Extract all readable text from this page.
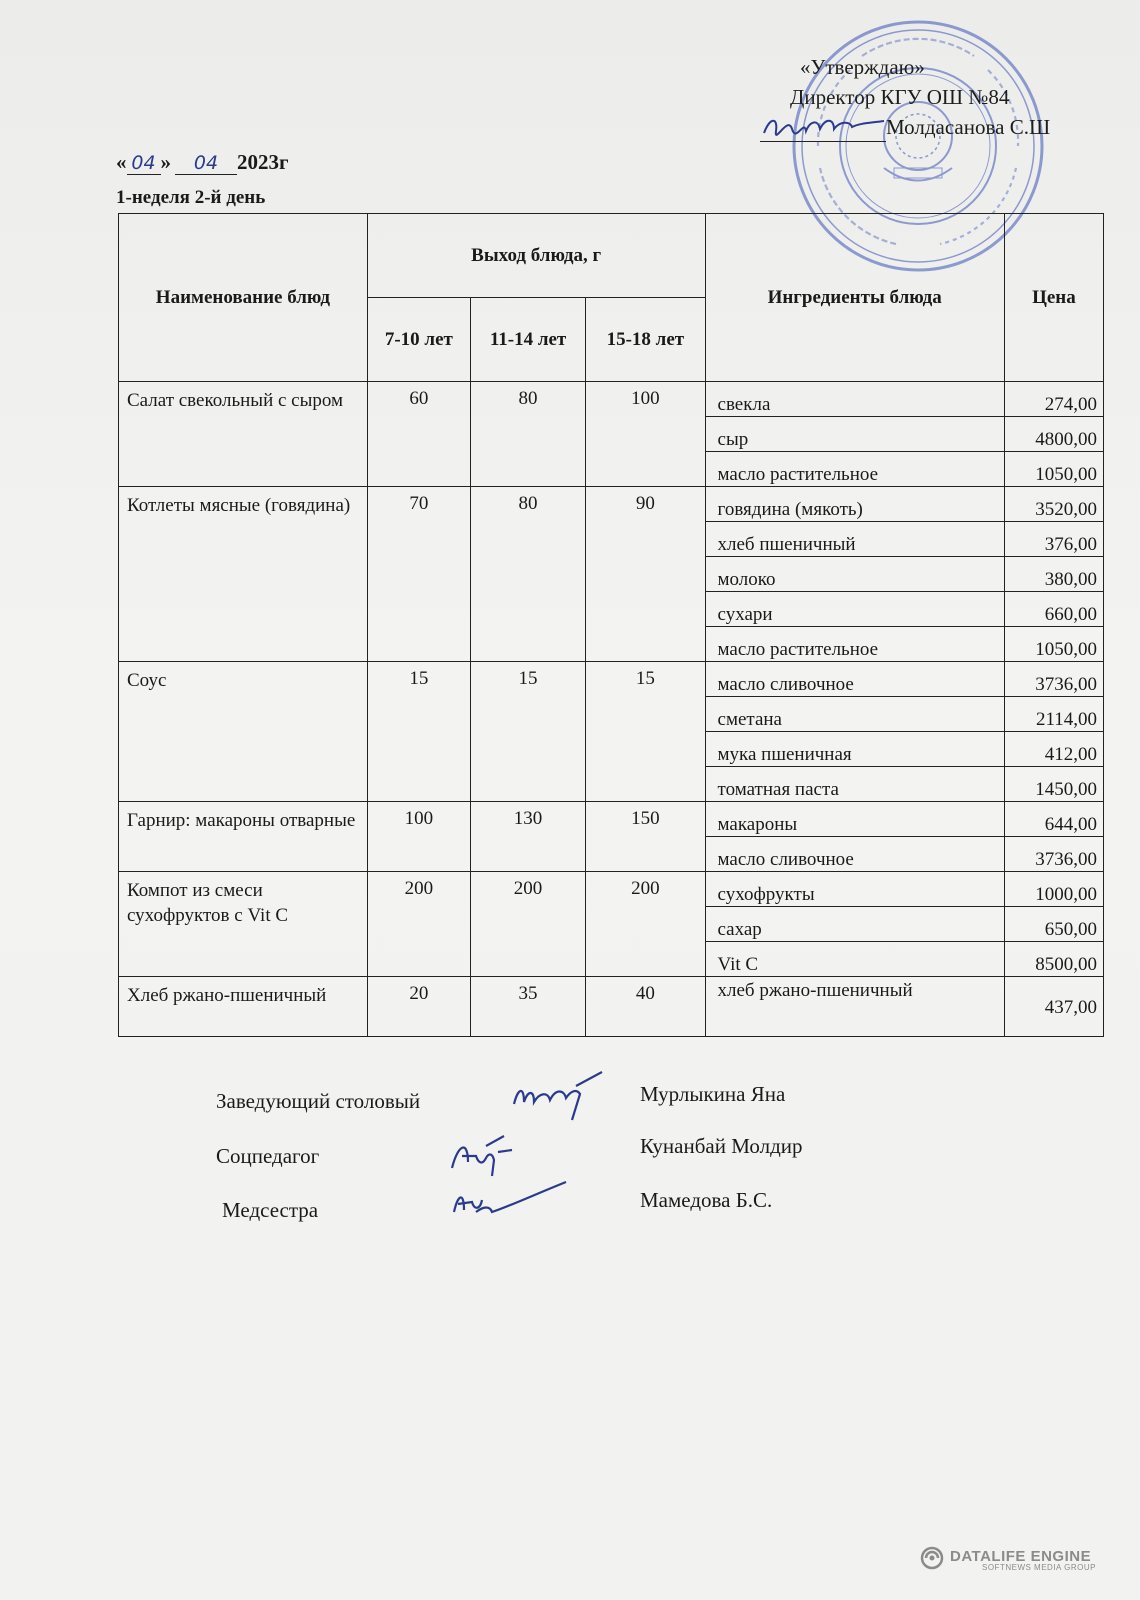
«Утверждаю»
Директор КГУ ОШ №84
Молдасанова С.Ш
« 04 » 04 2023г
1-неделя 2-й день
Наименование блюд	Выход блюда, г			Ингредиенты блюда	Цена
	7-10 лет	11-14 лет	15-18 лет		
Салат свекольный с сыром	60	80	100	свекла	274,00
				сыр	4800,00
				масло растительное	1050,00
Котлеты мясные (говядина)	70	80	90	говядина (мякоть)	3520,00
				хлеб пшеничный	376,00
				молоко	380,00
				сухари	660,00
				масло растительное	1050,00
Соус	15	15	15	масло сливочное	3736,00
				сметана	2114,00
				мука пшеничная	412,00
				томатная паста	1450,00
Гарнир: макароны отварные	100	130	150	макароны	644,00
				масло сливочное	3736,00
Компот из смеси сухофруктов с Vit C	200	200	200	сухофрукты	1000,00
				сахар	650,00
				Vit C	8500,00
Хлеб ржано-пшеничный	20	35	40	хлеб ржано-пшеничный	437,00
Заведующий столовый	Мурлыкина Яна
Соцпедагог	Кунанбай Молдир
Медсестра	Мамедова Б.С.
DATALIFE ENGINE
SOFTNEWS MEDIA GROUP
